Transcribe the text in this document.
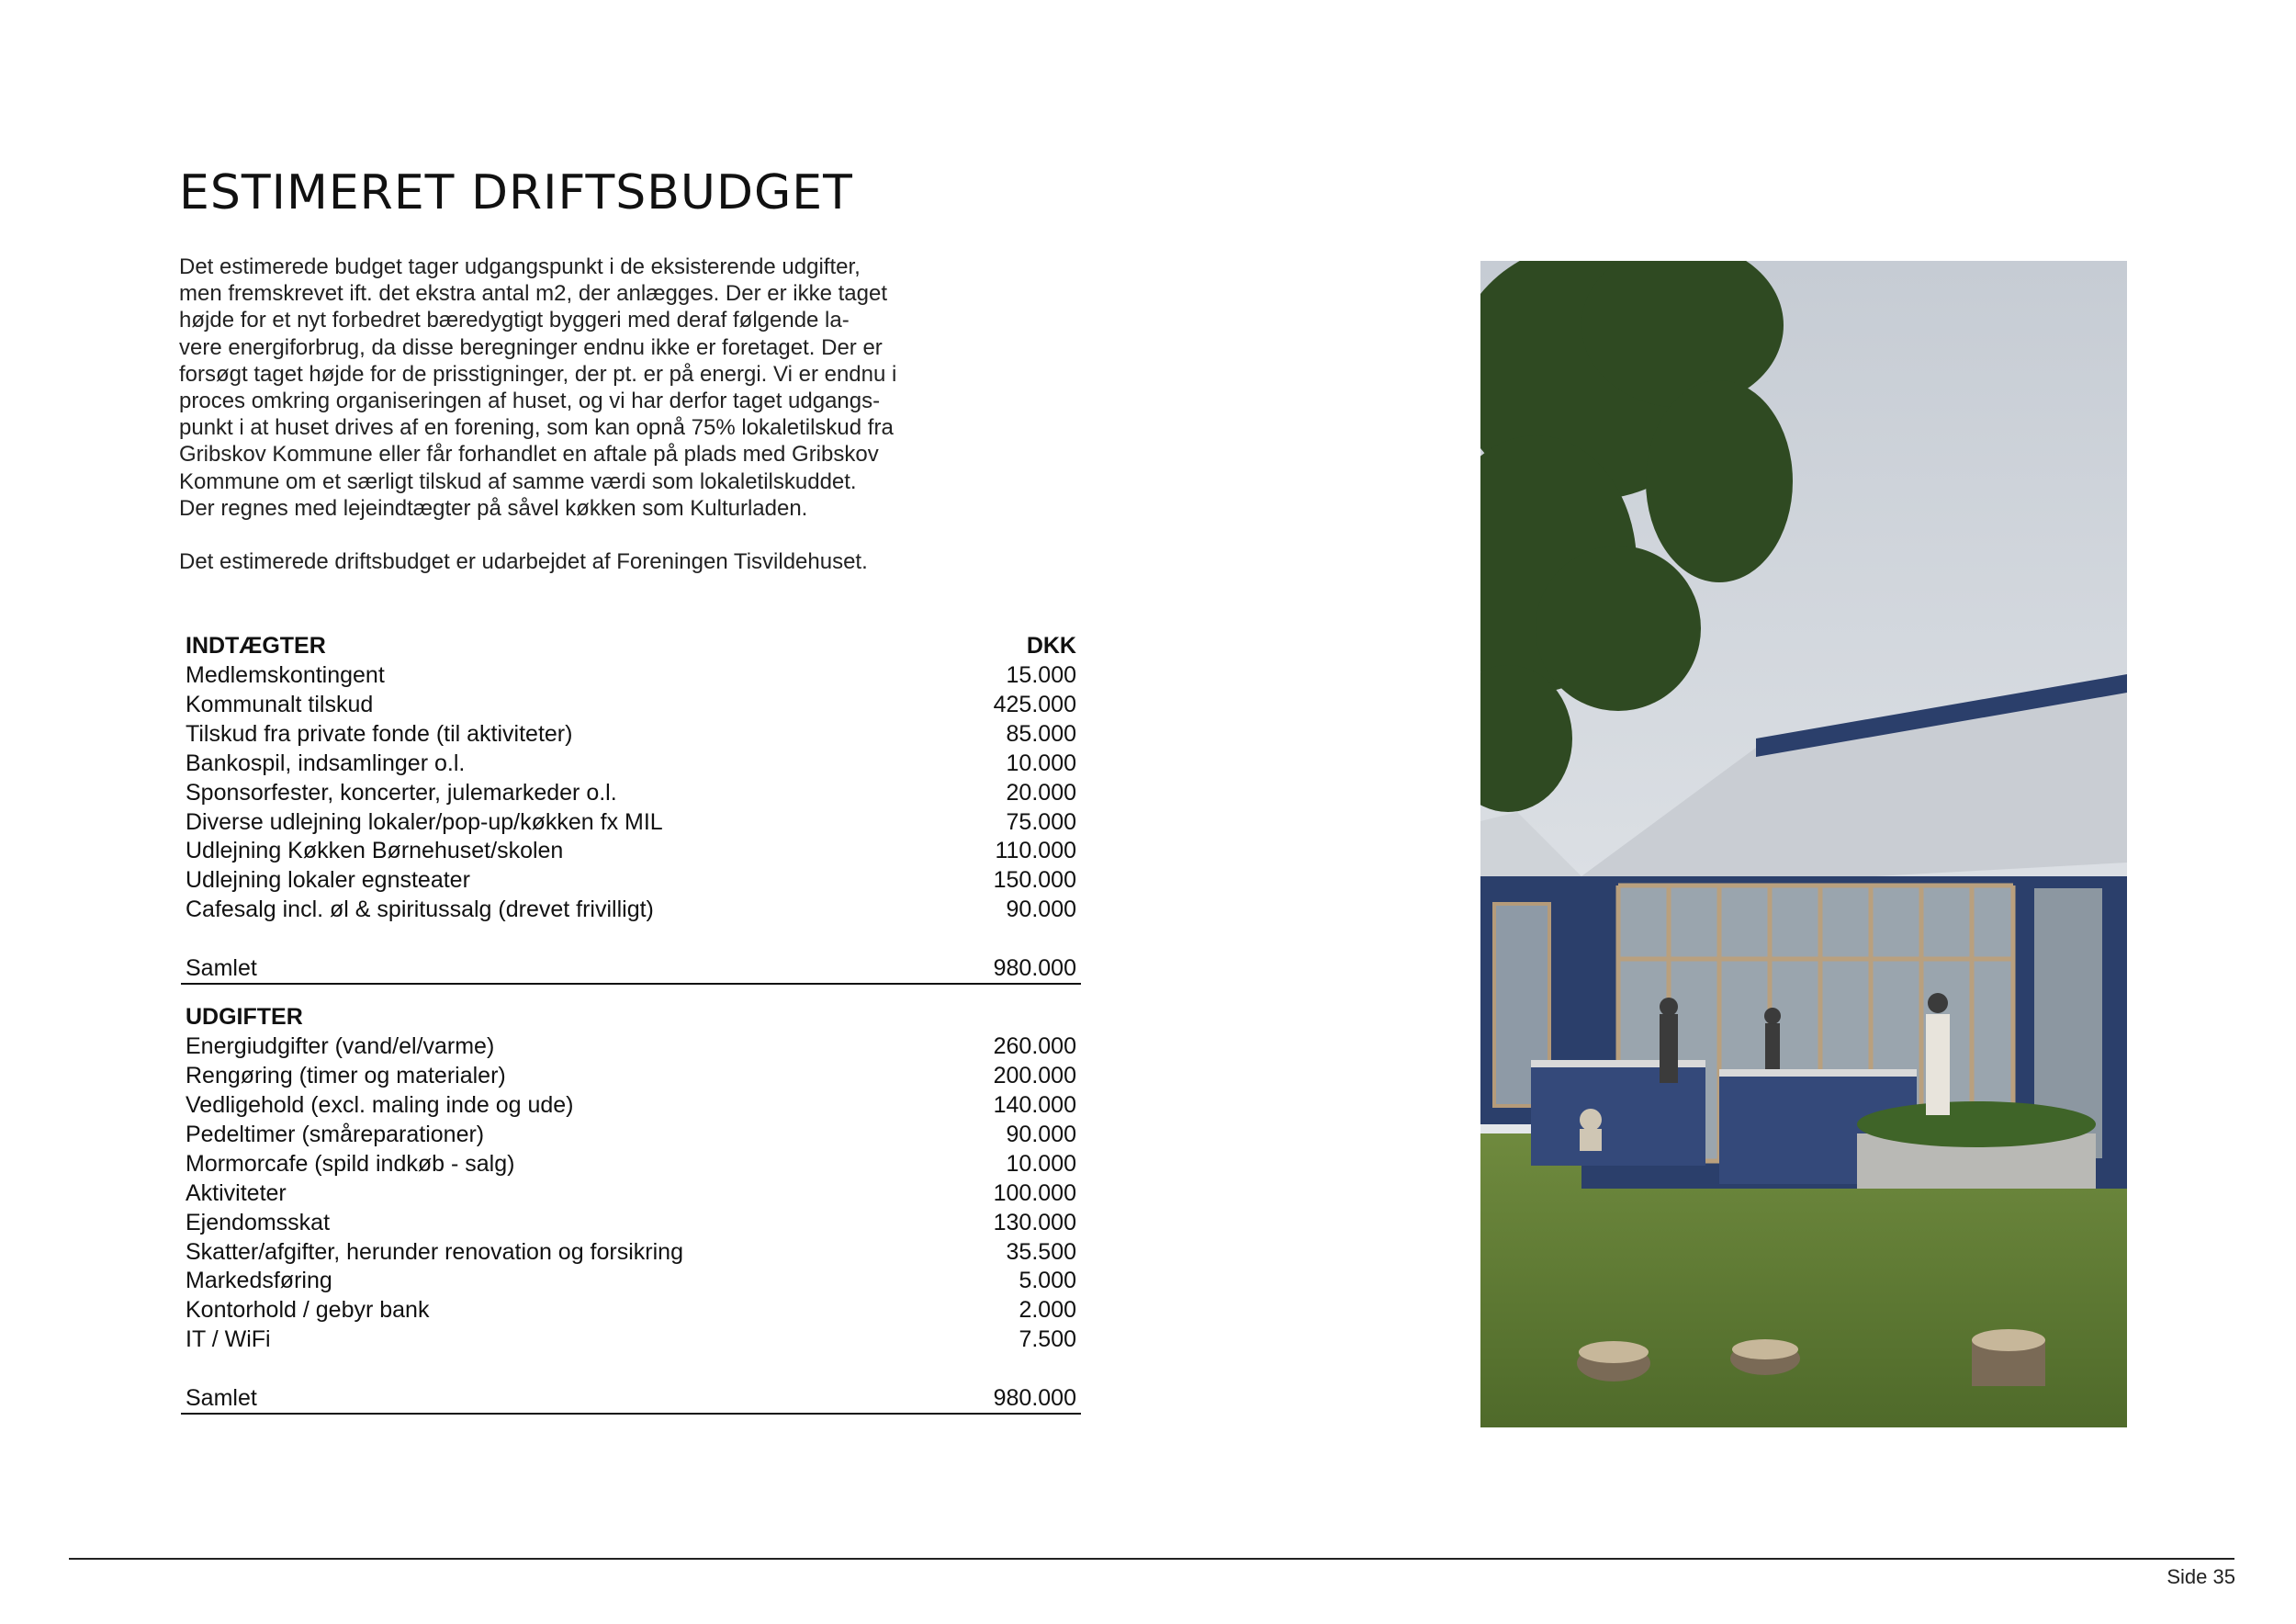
ESTIMERET DRIFTSBUDGET

Det estimerede budget tager udgangspunkt i de eksisterende udgifter,
men fremskrevet ift. det ekstra antal m2, der anlægges. Der er ikke taget
højde for et nyt forbedret bæredygtigt byggeri med deraf følgende la-
vere energiforbrug, da disse beregninger endnu ikke er foretaget. Der er
forsøgt taget højde for de prisstigninger, der pt. er på energi. Vi er endnu i
proces omkring organiseringen af huset, og vi har derfor taget udgangs-
punkt i at huset drives af en forening, som kan opnå 75% lokaletilskud fra
Gribskov Kommune eller får forhandlet en aftale på plads med Gribskov
Kommune om et særligt tilskud af samme værdi som lokaletilskuddet.
Der regnes med lejeindtægter på såvel køkken som Kulturladen.

Det estimerede driftsbudget er udarbejdet af Foreningen Tisvildehuset.

INDTÆGTER	DKK
Medlemskontingent	15.000
Kommunalt tilskud	425.000
Tilskud fra private fonde (til aktiviteter)	85.000
Bankospil, indsamlinger o.l.	10.000
Sponsorfester, koncerter, julemarkeder o.l.	20.000
Diverse udlejning lokaler/pop-up/køkken fx MIL	75.000
Udlejning Køkken Børnehuset/skolen	110.000
Udlejning lokaler egnsteater	150.000
Cafesalg incl. øl & spiritussalg (drevet frivilligt)	90.000
Samlet	980.000
UDGIFTER
Energiudgifter (vand/el/varme)	260.000
Rengøring (timer og materialer)	200.000
Vedligehold (excl. maling inde og ude)	140.000
Pedeltimer (småreparationer)	90.000
Mormorcafe (spild indkøb - salg)	10.000
Aktiviteter	100.000
Ejendomsskat	130.000
Skatter/afgifter, herunder renovation og forsikring	35.500
Markedsføring	5.000
Kontorhold / gebyr bank	2.000
IT / WiFi	7.500
Samlet	980.000
Side 35
